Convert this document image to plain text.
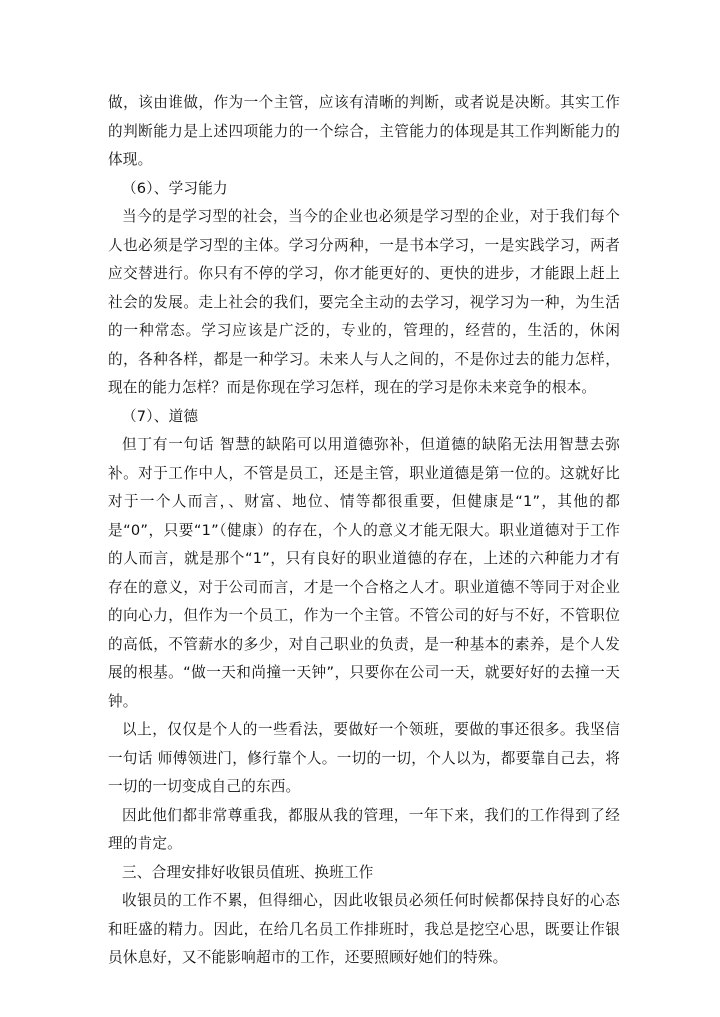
做，该由谁做，作为一个主管，应该有清晰的判断，或者说是决断。其实工作的判断能力是上述四项能力的一个综合，主管能力的体现是其工作判断能力的体现。

（6）、学习能力

当今的是学习型的社会，当今的企业也必须是学习型的企业，对于我们每个人也必须是学习型的主体。学习分两种，一是书本学习，一是实践学习，两者应交替进行。你只有不停的学习，你才能更好的、更快的进步，才能跟上赶上社会的发展。走上社会的我们，要完全主动的去学习，视学习为一种，为生活的一种常态。学习应该是广泛的，专业的，管理的，经营的，生活的，休闲的，各种各样，都是一种学习。未来人与人之间的，不是你过去的能力怎样，现在的能力怎样？而是你现在学习怎样，现在的学习是你未来竞争的根本。

（7）、道德

但丁有一句话 智慧的缺陷可以用道德弥补，但道德的缺陷无法用智慧去弥补。对于工作中人，不管是员工，还是主管，职业道德是第一位的。这就好比对于一个人而言，、财富、地位、情等都很重要，但健康是“1”，其他的都是“0”，只要“1”（健康）的存在，个人的意义才能无限大。职业道德对于工作的人而言，就是那个“1”，只有良好的职业道德的存在，上述的六种能力才有存在的意义，对于公司而言，才是一个合格之人才。职业道德不等同于对企业的向心力，但作为一个员工，作为一个主管。不管公司的好与不好，不管职位的高低，不管薪水的多少，对自己职业的负责，是一种基本的素养，是个人发展的根基。“做一天和尚撞一天钟”，只要你在公司一天，就要好好的去撞一天钟。

以上，仅仅是个人的一些看法，要做好一个领班，要做的事还很多。我坚信一句话 师傅领进门，修行靠个人。一切的一切，个人以为，都要靠自己去，将一切的一切变成自己的东西。

因此他们都非常尊重我，都服从我的管理，一年下来，我们的工作得到了经理的肯定。

三、合理安排好收银员值班、换班工作

收银员的工作不累，但得细心，因此收银员必须任何时候都保持良好的心态和旺盛的精力。因此，在给几名员工作排班时，我总是挖空心思，既要让作银员休息好，又不能影响超市的工作，还要照顾好她们的特殊。
